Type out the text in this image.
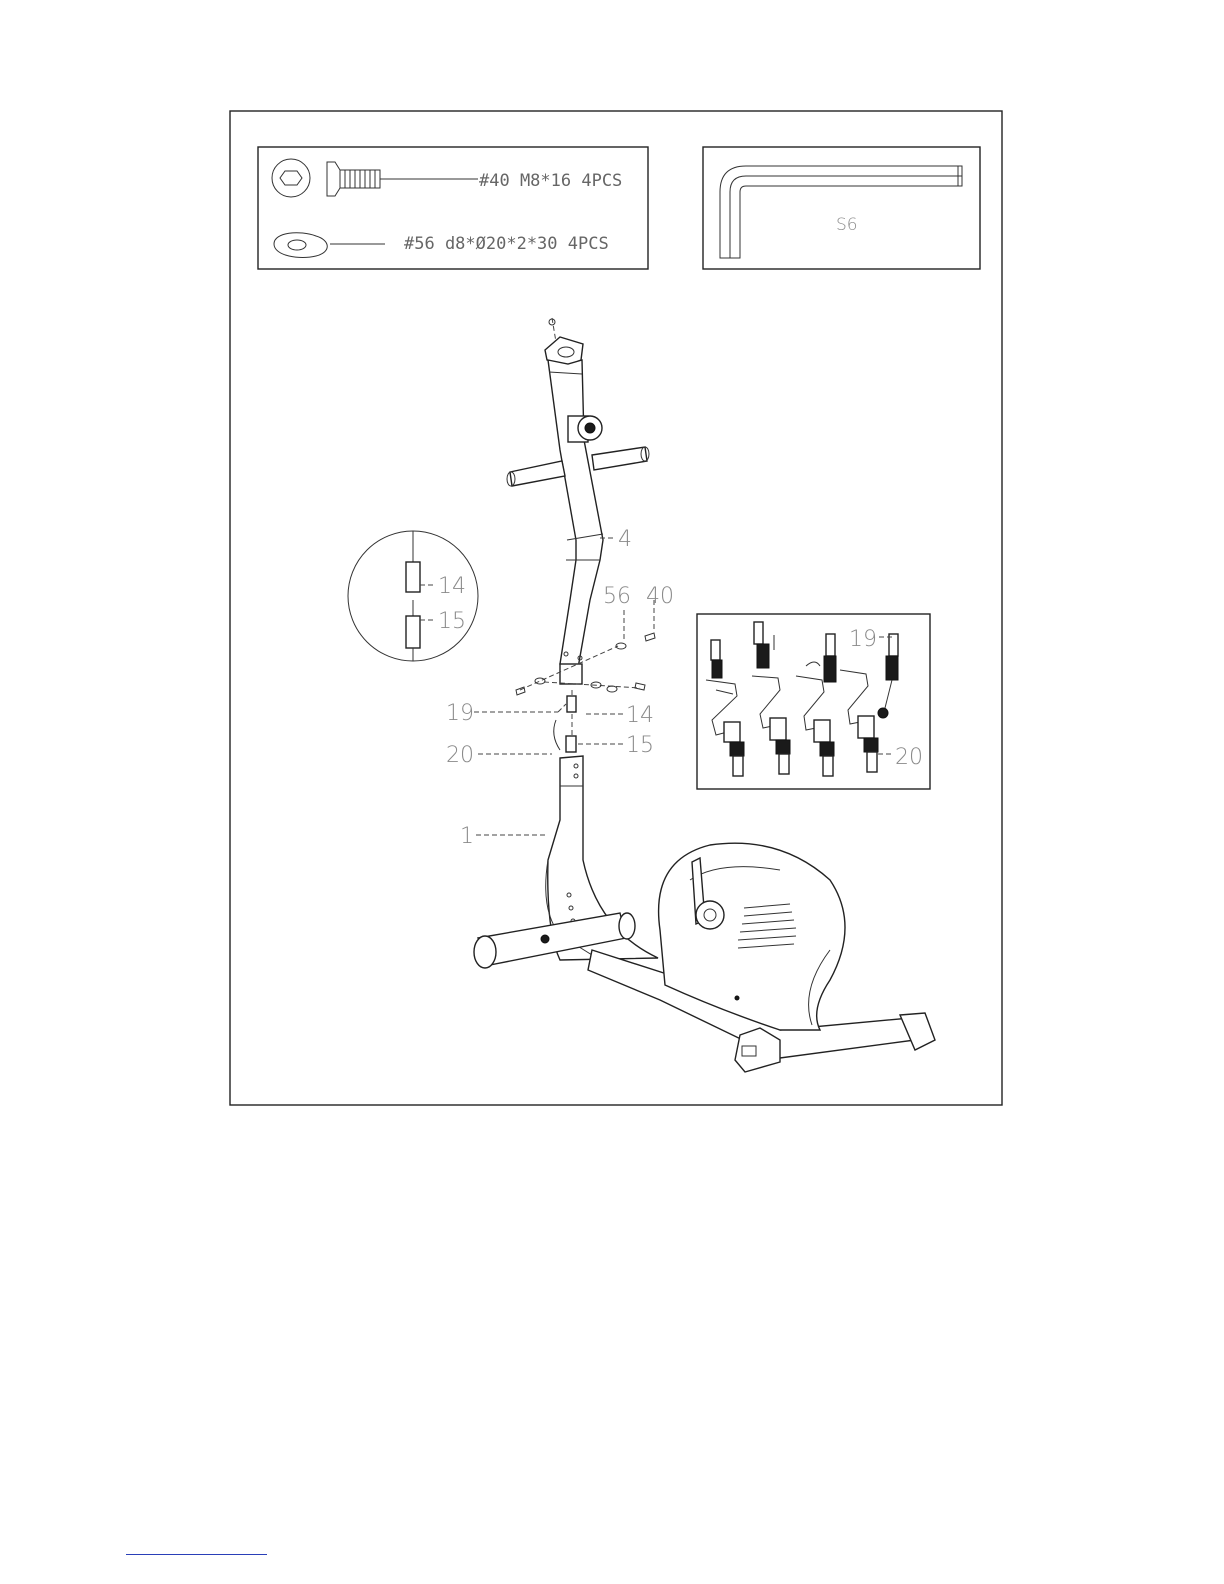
#40 M8*16 4PCS
#56 d8*Ø20*2*30 4PCS
S6
4
56 40
19	14
20	15
1
14
15
19
20
